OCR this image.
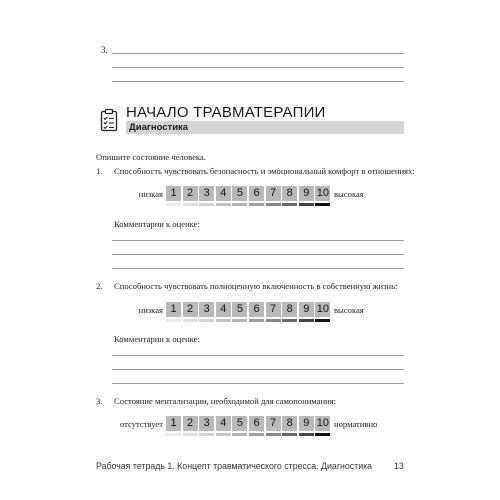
3.
НАЧАЛО ТРАВМАТЕРАПИИ
Диагностика
Опишите состояние человека.
1. Способность чувствовать безопасность и эмоциональный комфорт в отношениях:
низкая	высокая
Комментарии к оценке:
2. Способность чувствовать полноценную включенность в собственную жизнь:
низкая	высокая
Комментарии к оценке:
3. Состояние ментализации, необходимой для самопонимания:
отсутствует	нормативно
Рабочая тетрадь 1. Концепт травматического стресса. Диагностика 13
1 2 3 4 5 6 7 8 9 10
1 2 3 4 5 6 7 8 9 10
1 2 3 4 5 6 7 8 9 10
